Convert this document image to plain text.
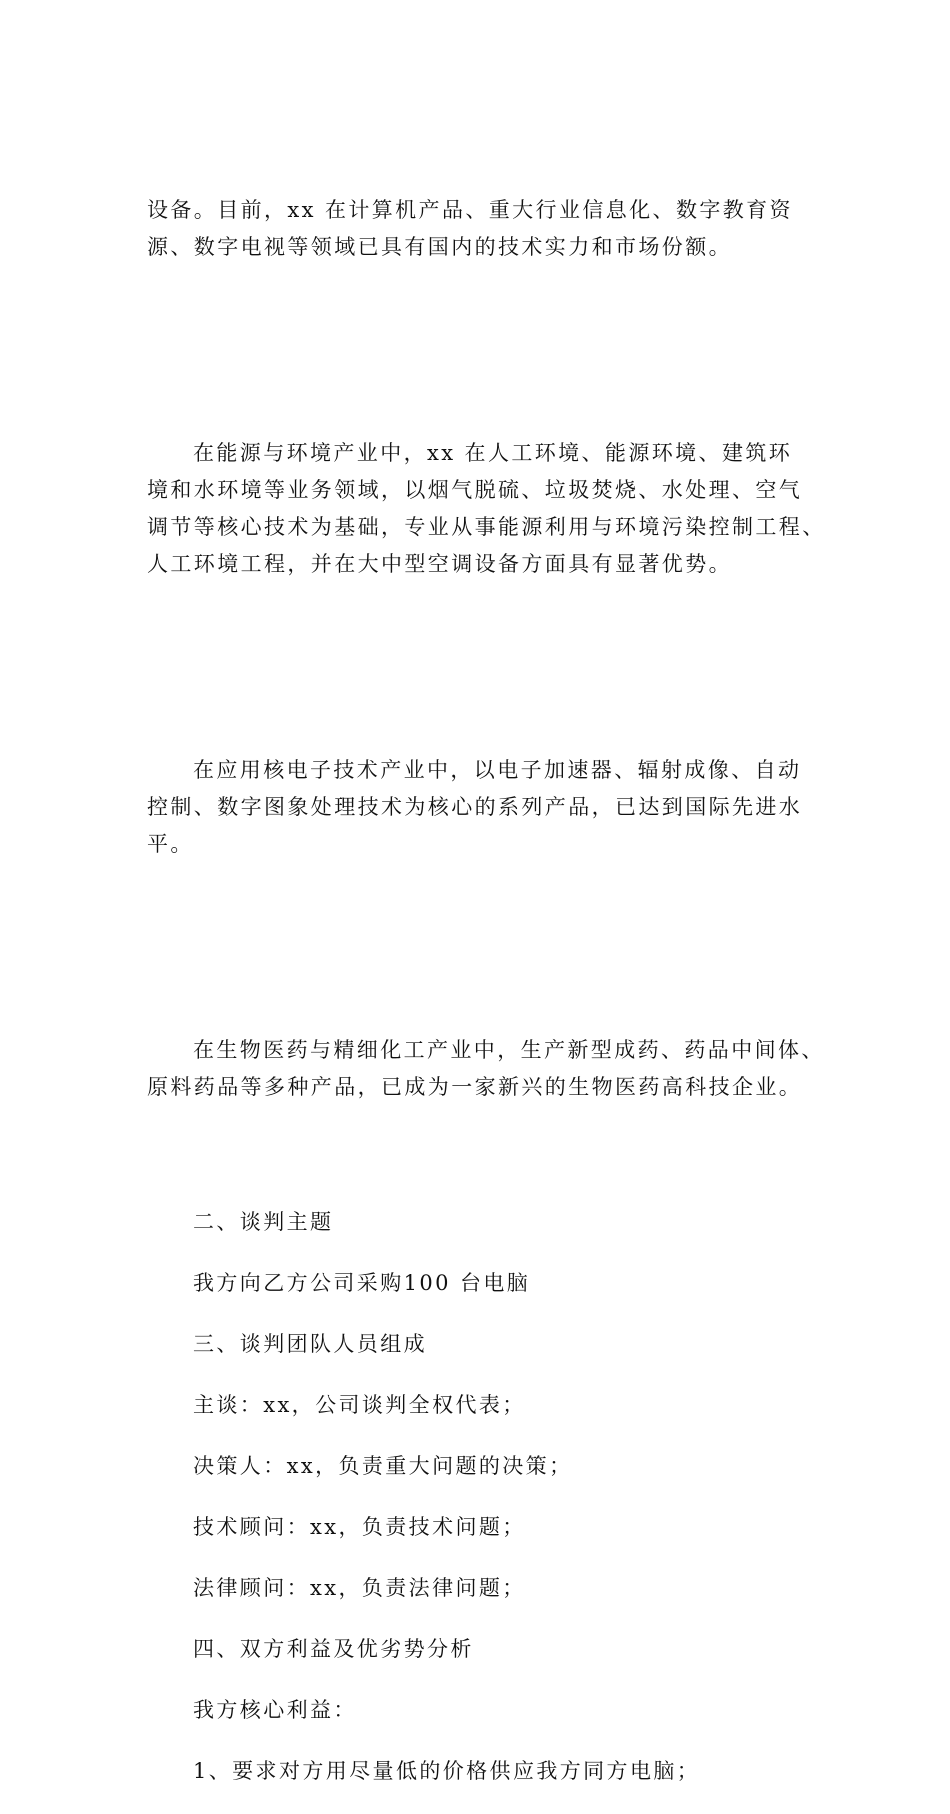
设备。目前，xx 在计算机产品、重大行业信息化、数字教育资
源、数字电视等领域已具有国内的技术实力和市场份额。

在能源与环境产业中，xx 在人工环境、能源环境、建筑环
境和水环境等业务领域，以烟气脱硫、垃圾焚烧、水处理、空气
调节等核心技术为基础，专业从事能源利用与环境污染控制工程、
人工环境工程，并在大中型空调设备方面具有显著优势。

在应用核电子技术产业中，以电子加速器、辐射成像、自动
控制、数字图象处理技术为核心的系列产品，已达到国际先进水
平。

在生物医药与精细化工产业中，生产新型成药、药品中间体、
原料药品等多种产品，已成为一家新兴的生物医药高科技企业。

二、谈判主题

我方向乙方公司采购100 台电脑

三、谈判团队人员组成

主谈：xx，公司谈判全权代表；

决策人：xx，负责重大问题的决策；

技术顾问：xx，负责技术问题；

法律顾问：xx，负责法律问题；

四、双方利益及优劣势分析

我方核心利益：

1、要求对方用尽量低的价格供应我方同方电脑；
